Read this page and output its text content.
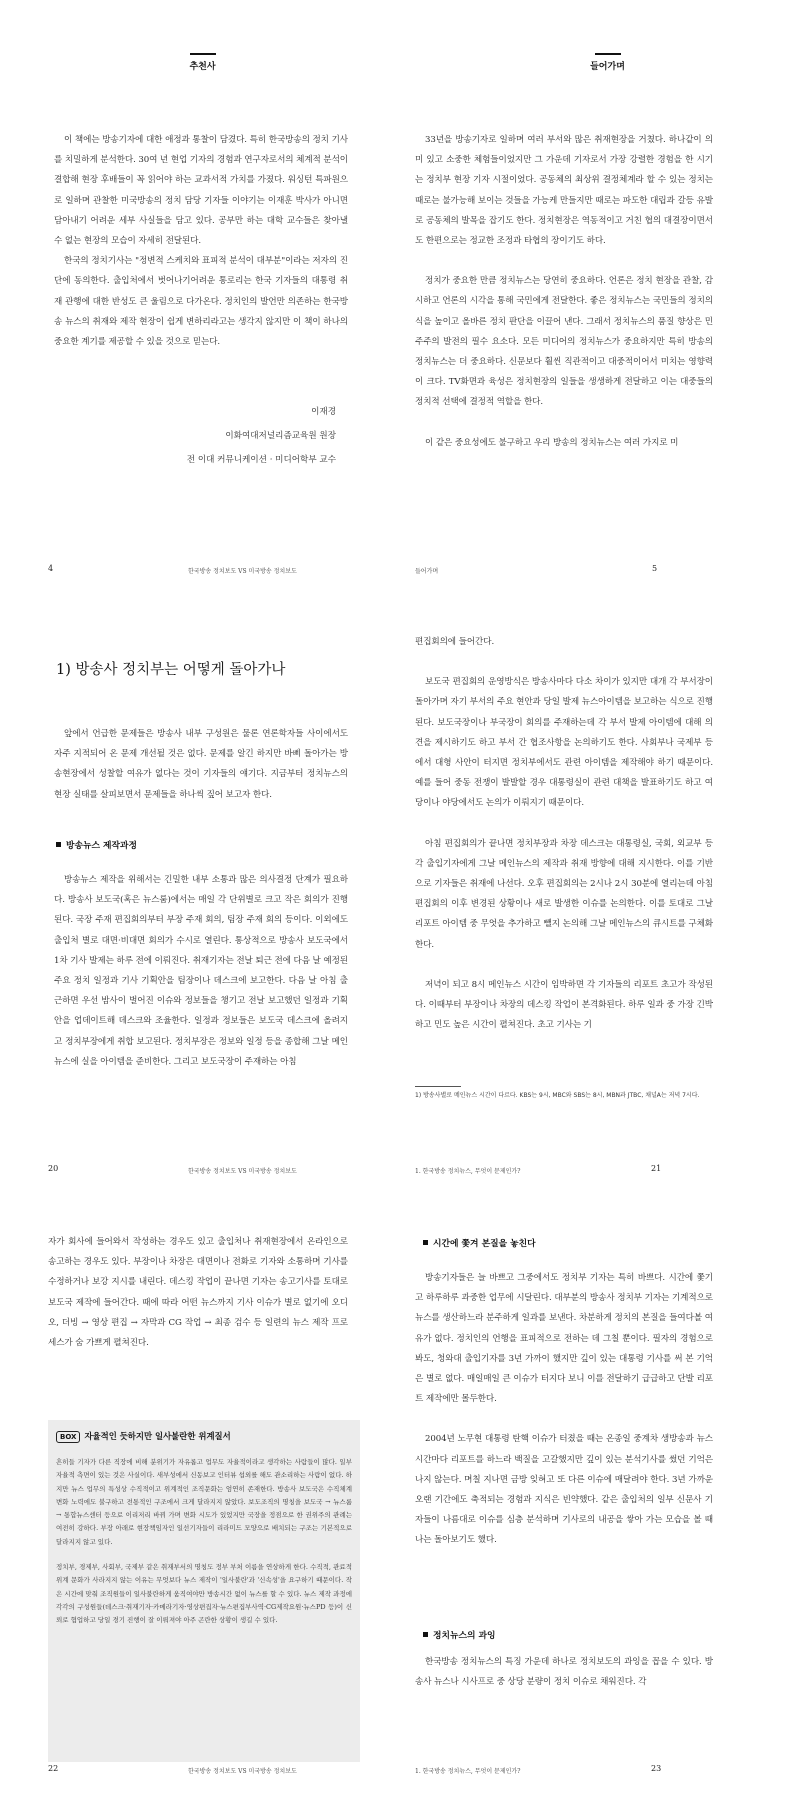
추천사

이 책에는 방송기자에 대한 애정과 통찰이 담겼다. 특히 한국방송의 정치 기사를 치밀하게 분석한다. 30여 년 현업 기자의 경험과 연구자로서의 체계적 분석이 결합해 현장 후배들이 꼭 읽어야 하는 교과서적 가치를 가졌다. 워싱턴 특파원으로 일하며 관찰한 미국방송의 정치 담당 기자들 이야기는 이재훈 박사가 아니면 담아내기 어려운 세부 사실들을 담고 있다. 공부만 하는 대학 교수들은 찾아낼 수 없는 현장의 모습이 자세히 전달된다.

한국의 정치기사는 "정변적 스케치와 표피적 분석이 대부분"이라는 저자의 진단에 동의한다. 출입처에서 벗어나기어려운 통로리는 한국 기자들의 대통령 취재 관행에 대한 반성도 큰 울림으로 다가온다. 정치인의 발언만 의존하는 한국방송 뉴스의 취재와 제작 현장이 쉽게 변하리라고는 생각지 않지만 이 책이 하나의 중요한 계기를 제공할 수 있을 것으로 믿는다.

이재경
이화여대저널리즘교육원 원장
전 이대 커뮤니케이션 · 미디어학부 교수
4	한국방송 정치보도 VS 미국방송 정치보도
들어가며

33년을 방송기자로 일하며 여러 부서와 많은 취재현장을 거쳤다. 하나같이 의미 있고 소중한 체험들이었지만 그 가운데 기자로서 가장 강렬한 경험을 한 시기는 정치부 현장 기자 시절이었다. 공동체의 최상위 결정체계라 할 수 있는 정치는 때로는 불가능해 보이는 것들을 가능케 만들지만 때로는 파도한 대립과 갈등 유발로 공동체의 발목을 잡기도 한다. 정치현장은 역동적이고 거친 협의 대결장이면서도 한편으로는 정교한 조정과 타협의 장이기도 하다.

정치가 중요한 만큼 정치뉴스는 당연히 중요하다. 언론은 정치 현장을 관찰, 감시하고 언론의 시각을 통해 국민에게 전달한다. 좋은 정치뉴스는 국민들의 정치의식을 높이고 올바른 정치 판단을 이끌어 낸다. 그래서 정치뉴스의 품질 향상은 민주주의 발전의 필수 요소다. 모든 미디어의 정치뉴스가 중요하지만 특히 방송의 정치뉴스는 더 중요하다. 신문보다 훨씬 직관적이고 대중적이어서 미치는 영향력이 크다. TV화면과 육성은 정치현장의 일들을 생생하게 전달하고 이는 대중들의 정치적 선택에 결정적 역할을 한다.

이 같은 중요성에도 불구하고 우리 방송의 정치뉴스는 여러 가지로 미

들어가며	5
1) 방송사 정치부는 어떻게 돌아가나

앞에서 언급한 문제들은 방송사 내부 구성원은 물론 연론학자들 사이에서도 자주 지적되어 온 문제 개선될 것은 없다. 문제를 알긴 하지만 바삐 돌아가는 방송현장에서 성찰할 여유가 없다는 것이 기자들의 얘기다. 지금부터 정치뉴스의 현장 실태를 살피보면서 문제들을 하나씩 짚어 보고자 한다.

방송뉴스 제작과정

방송뉴스 제작을 위해서는 긴밀한 내부 소통과 많은 의사결정 단계가 필요하다. 방송사 보도국(혹은 뉴스룸)에서는 매일 각 단위별로 크고 작은 회의가 진행된다. 국장 주재 편집회의부터 부장 주재 회의, 팀장 주재 회의 등이다. 이외에도 출입처 별로 대면·비대면 회의가 수시로 열린다. 통상적으로 방송사 보도국에서 1차 기사 발제는 하루 전에 이뤄진다. 취재기자는 전날 퇴근 전에 다음 날 예정된 주요 정치 일정과 기사 기획안을 팀장이나 데스크에 보고한다. 다음 날 아침 출근하면 우선 밤사이 벌어진 이슈와 정보들을 챙기고 전날 보고했던 일정과 기획안을 업데이트해 데스크와 조율한다. 일정과 정보들은 보도국 데스크에 올려지고 정치부장에게 취합 보고된다. 정치부장은 정보와 일정 등을 종합해 그날 메인뉴스에 실을 아이템을 준비한다. 그리고 보도국장이 주재하는 아침

20	한국방송 정치보도 VS 미국방송 정치보도

편집회의에 들어간다.

보도국 편집회의 운영방식은 방송사마다 다소 차이가 있지만 대개 각 부서장이 돌아가며 자기 부서의 주요 현안과 당일 발제 뉴스아이템을 보고하는 식으로 진행된다. 보도국장이나 부국장이 회의를 주재하는데 각 부서 발제 아이템에 대해 의견을 제시하기도 하고 부서 간 협조사항을 논의하기도 한다. 사회부나 국제부 등에서 대형 사안이 터지면 정치부에서도 관련 아이템을 제작해야 하기 때문이다. 예를 들어 중동 전쟁이 발발할 경우 대통령실이 관련 대책을 발표하기도 하고 여당이나 야당에서도 논의가 이뤄지기 때문이다.

아침 편집회의가 끝나면 정치부장과 차장 데스크는 대통령실, 국회, 외교부 등 각 출입기자에게 그날 메인뉴스의 제작과 취재 방향에 대해 지시한다. 이를 기반으로 기자들은 취재에 나선다. 오후 편집회의는 2시나 2시 30분에 열리는데 아침 편집회의 이후 변경된 상황이나 새로 발생한 이슈를 논의한다. 이를 토대로 그날 리포트 아이템 중 무엇을 추가하고 뺄지 논의해 그날 메인뉴스의 큐시트를 구체화한다.

저녁이 되고 8시 메인뉴스 시간이 임박하면 각 기자들의 리포트 초고가 작성된다. 이때부터 부장이나 차장의 데스킹 작업이 본격화된다. 하루 일과 중 가장 긴박하고 민도 높은 시간이 펼쳐진다. 초고 기사는 기

1) 방송사별로 메인뉴스 시간이 다르다. KBS는 9시, MBC와 SBS는 8시, MBN과 JTBC, 채널A는 저녁 7시다.
1. 한국방송 정치뉴스, 무엇이 문제인가?	21

자가 회사에 들어와서 작성하는 경우도 있고 출입처나 취재현장에서 온라인으로 송고하는 경우도 있다. 부장이나 차장은 대면이나 전화로 기자와 소통하며 기사를 수정하거나 보강 지시를 내린다. 데스킹 작업이 끝나면 기자는 송고기사를 토대로 보도국 제작에 들어간다. 때에 따라 어떤 뉴스까지 기사 이슈가 별로 없기에 오디오, 더빙 → 영상 편집 → 자막과 CG 작업 → 최종 검수 등 일련의 뉴스 제작 프로세스가 숨 가쁘게 펼쳐진다.

BOX 자율적인 듯하지만 일사불란한 위계질서

흔히들 기자가 다른 직장에 비해 분위기가 자유롭고 업무도 자율적이라고 생각하는 사람들이 많다. 일부 자율적 측면이 있는 것은 사실이다. 새부성에서 신동보고 인터뷰 섭외를 해도 관소리하는 사람이 없다. 하지만 뉴스 업무의 특성상 수직적이고 위계적인 조직문화는 엄연히 존재한다. 방송사 보도국은 수직체계 변화 노력에도 불구하고 전통적인 구조에서 크게 달라지지 않았다. 보도조직의 명칭을 보도국 → 뉴스룸 → 통합뉴스센터 등으로 이리저리 바꿔 가며 변화 시도가 있었지만 국장을 정점으로 한 권위주의 관례는 여전히 강하다. 부장 아래로 현장책임자인 일선기자들이 리라미드 모양으로 배치되는 구조는 기본적으로 달라지지 않고 있다.

정치부, 경제부, 사회부, 국제부 같은 취재부서의 명칭도 정부 부처 이름을 연상하게 한다. 수직적, 관료적 위계 문화가 사라지지 않는 이유는 무엇보다 뉴스 제작이 '일사불란'과 '신속성'을 요구하기 때문이다. 작은 시간에 맞춰 조직원들이 일사불란하게 움직여야만 방송시간 없이 뉴스를 할 수 있다. 뉴스 제작 과정에 각각의 구성원들(데스크·취재기자·카메라기자·영상편집자·뉴스편집부사역·CG제작요원·뉴스PD 등)이 신뢰로 협업하고 당일 경기 진행이 잘 이뤄져야 아주 곤란한 상황이 생길 수 있다.

22	한국방송 정치보도 VS 미국방송 정치보도
시간에 쫓겨 본질을 놓친다

방송기자들은 늘 바쁘고 그중에서도 정치부 기자는 특히 바쁘다. 시간에 쫓기고 하루하루 과중한 업무에 시달린다. 대부분의 방송사 정치부 기자는 기계적으로 뉴스를 생산하느라 분주하게 일과를 보낸다. 차분하게 정치의 본질을 들여다볼 여유가 없다. 정치인의 언행을 표피적으로 전하는 데 그칠 뿐이다. 필자의 경험으로 봐도, 청와대 출입기자를 3년 가까이 했지만 깊이 있는 대통령 기사를 써 본 기억은 별로 없다. 매일매일 큰 이슈가 터지다 보니 이를 전달하기 급급하고 단발 리포트 제작에만 몰두한다.

2004년 노무현 대통령 탄핵 이슈가 터졌을 때는 온종일 중계차 생방송과 뉴스시간마다 리포트를 하느라 백질을 고갈했지만 깊이 있는 분석기사를 썼던 기억은 나지 않는다. 며칠 지나면 금방 잊혀고 또 다른 이슈에 매달려야 한다. 3년 가까운 오랜 기간에도 축적되는 경험과 지식은 빈약했다. 같은 출입처의 일부 신문사 기자들이 나름대로 이슈를 심층 분석하며 기사로의 내공을 쌓아 가는 모습을 볼 때 나는 돌아보기도 했다.

정치뉴스의 과잉

한국방송 정치뉴스의 특징 가운데 하나로 정치보도의 과잉을 꼽을 수 있다. 방송사 뉴스나 시사프로 중 상당 분량이 정치 이슈로 채워진다. 각

1. 한국방송 정치뉴스, 무엇이 문제인가?	23
